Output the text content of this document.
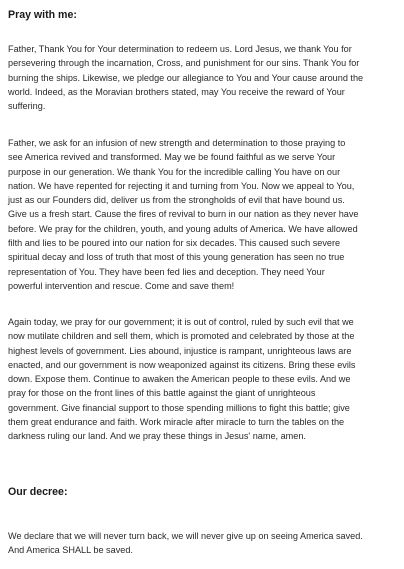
Pray with me:
Father, Thank You for Your determination to redeem us. Lord Jesus, we thank You for
persevering through the incarnation, Cross, and punishment for our sins. Thank You for
burning the ships. Likewise, we pledge our allegiance to You and Your cause around the
world. Indeed, as the Moravian brothers stated, may You receive the reward of Your
suffering.
Father, we ask for an infusion of new strength and determination to those praying to
see America revived and transformed. May we be found faithful as we serve Your
purpose in our generation. We thank You for the incredible calling You have on our
nation. We have repented for rejecting it and turning from You. Now we appeal to You,
just as our Founders did, deliver us from the strongholds of evil that have bound us.
Give us a fresh start. Cause the fires of revival to burn in our nation as they never have
before. We pray for the children, youth, and young adults of America. We have allowed
filth and lies to be poured into our nation for six decades. This caused such severe
spiritual decay and loss of truth that most of this young generation has seen no true
representation of You. They have been fed lies and deception. They need Your
powerful intervention and rescue. Come and save them!
Again today, we pray for our government; it is out of control, ruled by such evil that we
now mutilate children and sell them, which is promoted and celebrated by those at the
highest levels of government. Lies abound, injustice is rampant, unrighteous laws are
enacted, and our government is now weaponized against its citizens. Bring these evils
down. Expose them. Continue to awaken the American people to these evils. And we
pray for those on the front lines of this battle against the giant of unrighteous
government. Give financial support to those spending millions to fight this battle; give
them great endurance and faith. Work miracle after miracle to turn the tables on the
darkness ruling our land. And we pray these things in Jesus' name, amen.
Our decree:
We declare that we will never turn back, we will never give up on seeing America saved.
And America SHALL be saved.
